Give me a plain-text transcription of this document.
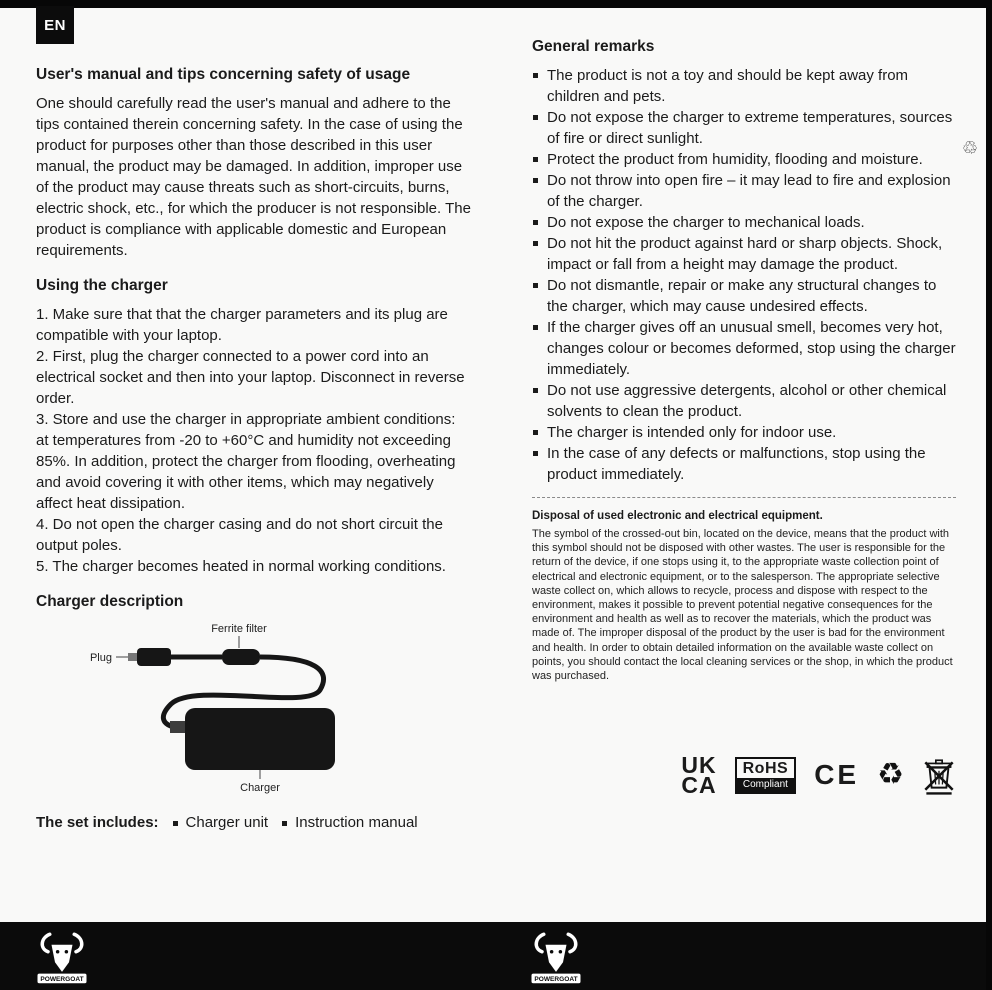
EN
♲
User's manual and tips concerning safety of usage

One should carefully read the user's manual and adhere to the tips contained therein concerning safety. In the case of using the product for purposes other than those described in this user manual, the product may be damaged. In addition, improper use of the product may cause threats such as short-circuits, burns, electric shock, etc., for which the producer is not responsible. The product is compliance with applicable domestic and European requirements.

Using the charger
1. Make sure that that the charger parameters and its plug are compatible with your laptop.
2. First, plug the charger connected to a power cord into an electrical socket and then into your laptop. Disconnect in reverse order.
3. Store and use the charger in appropriate ambient conditions: at temperatures from -20 to +60°C and humidity not exceeding 85%. In addition, protect the charger from flooding, overheating and avoid covering it with other items, which may negatively affect heat dissipation.
4. Do not open the charger casing and do not short circuit the output poles.
5. The charger becomes heated in normal working conditions.
Charger description
Ferrite filter
Plug
Charger
The set includes:	Charger unit	Instruction manual
General remarks
The product is not a toy and should be kept away from children and pets.
Do not expose the charger to extreme temperatures, sources of fire or direct sunlight.
Protect the product from humidity, flooding and moisture.
Do not throw into open fire – it may lead to fire and explosion of the charger.
Do not expose the charger to mechanical loads.
Do not hit the product against hard or sharp objects. Shock, impact or fall from a height may damage the product.
Do not dismantle, repair or make any structural changes to the charger, which may cause undesired effects.
If the charger gives off an unusual smell, becomes very hot, changes colour or becomes deformed, stop using the charger immediately.
Do not use aggressive detergents, alcohol or other chemical solvents to clean the product.
The charger is intended only for indoor use.
In the case of any defects or malfunctions, stop using the product immediately.
Disposal of used electronic and electrical equipment.

The symbol of the crossed-out bin, located on the device, means that the product with this symbol should not be disposed with other wastes. The user is responsible for the return of the device, if one stops using it, to the appropriate waste collection point of electrical and electronic equipment, or to the salesperson. The appropriate selective waste collect on, which allows to recycle, process and dispose with respect to the environment, makes it possible to prevent potential negative consequences for the environment and health as well as to recover the materials, which the product was made of. The improper disposal of the product by the user is bad for the environment and health. In order to obtain detailed information on the available waste collect on points, you should contact the local cleaning services or the shop, in which the product was purchased.

UK
CA
RoHS
Compliant CE ♻
POWERGOAT	POWERGOAT
